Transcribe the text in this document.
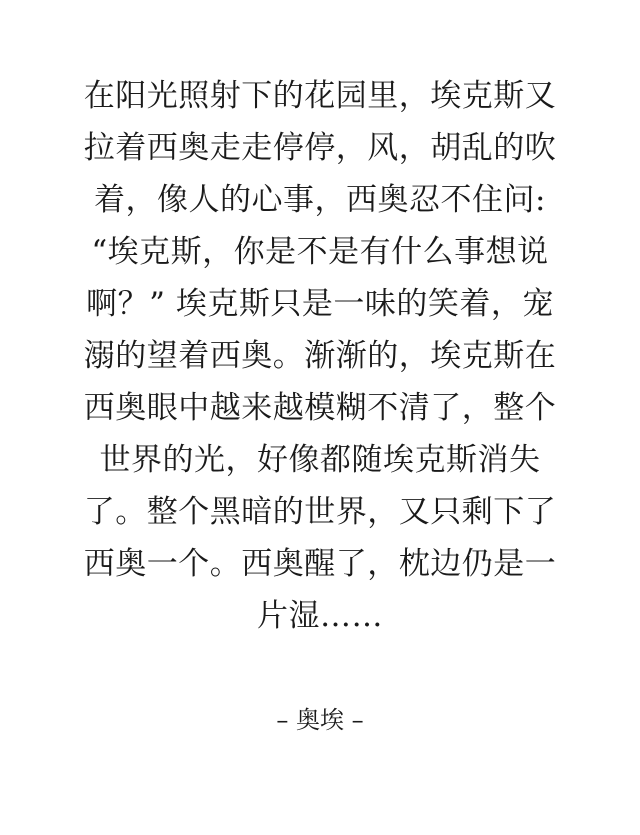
在阳光照射下的花园里，埃克斯又
拉着西奥走走停停，风，胡乱的吹
着，像人的心事，西奥忍不住问:
“埃克斯，你是不是有什么事想说
啊？” 埃克斯只是一味的笑着，宠
溺的望着西奥。渐渐的，埃克斯在
西奥眼中越来越模糊不清了，整个
世界的光，好像都随埃克斯消失
了。整个黑暗的世界，又只剩下了
西奥一个。西奥醒了，枕边仍是一
片湿……
– 奥埃 –
